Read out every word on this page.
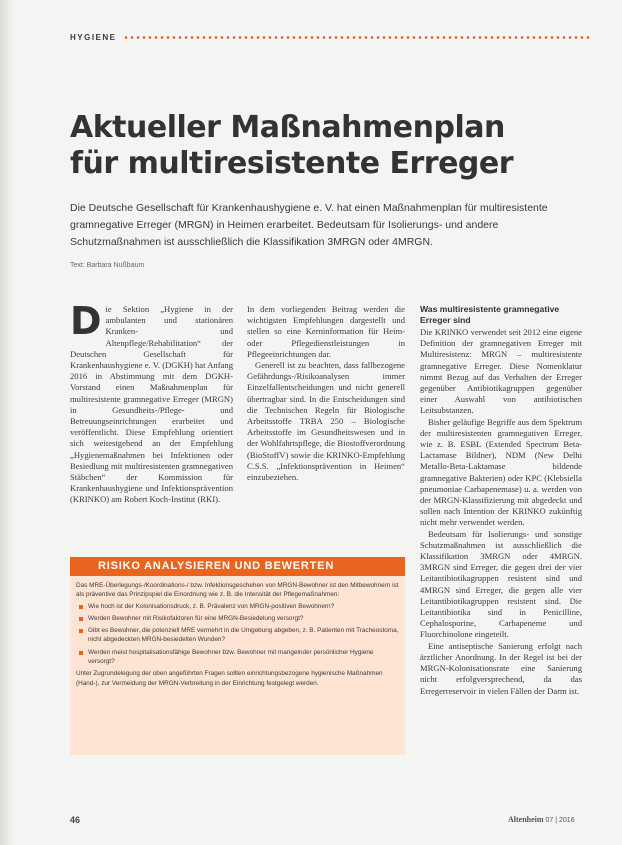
HYGIENE
Aktueller Maßnahmenplan
für multiresistente Erreger

Die Deutsche Gesellschaft für Krankenhaushygiene e. V. hat einen Maßnahmenplan für multiresistente gramnegative Erreger (MRGN) in Heimen erarbeitet. Bedeutsam für Isolierungs- und andere Schutzmaßnahmen ist ausschließlich die Klassifikation 3MRGN oder 4MRGN.

Text: Barbara Nußbaum

Die Sektion „Hygiene in der ambulanten und stationären Kranken- und Altenpflege/Rehabilitation“ der Deutschen Gesellschaft für Krankenhaushygiene e. V. (DGKH) hat Anfang 2016 in Abstimmung mit dem DGKH-Vorstand einen Maßnahmenplan für multiresistente gramnegative Erreger (MRGN) in Gesundheits-/Pflege- und Betreuungseinrichtungen erarbeitet und veröffentlicht. Diese Empfehlung orientiert sich weitestgehend an der Empfehlung „Hygienemaßnahmen bei Infektionen oder Besiedlung mit multiresistenten gramnegativen Stäbchen“ der Kommission für Krankenhaushygiene und Infektionsprävention (KRINKO) am Robert Koch-Institut (RKI).

In dem vorliegenden Beitrag werden die wichtigsten Empfehlungen dargestellt und stellen so eine Kerninformation für Heim- oder Pflegedienstleistungen in Pflegeeinrichtungen dar.

Generell ist zu beachten, dass fallbezogene Gefährdungs-/Risikoanalysen immer Einzelfallentscheidungen und nicht generell übertragbar sind. In die Entscheidungen sind die Technischen Regeln für Biologische Arbeitsstoffe TRBA 250 – Biologische Arbeitsstoffe im Gesundheitswesen und in der Wohlfahrtspflege, die Biostoffverordnung (BioStoffV) sowie die KRINKO-Empfehlung C.S.S. „Infektionsprävention in Heimen“ einzubeziehen.

Was multiresistente gramnegative Erreger sind

Die KRINKO verwendet seit 2012 eine eigene Definition der gramnegativen Erreger mit Multiresistenz: MRGN – multiresistente gramnegative Erreger. Diese Nomenklatur nimmt Bezug auf das Verhalten der Erreger gegenüber Antibiotikagruppen gegenüber einer Auswahl von antibiotischen Leitsubstanzen.

Bisher geläufige Begriffe aus dem Spektrum der multiresistenten gramnegativen Erreger, wie z. B. ESBL (Extended Spectrum Beta-Lactamase Bildner), NDM (New Delhi Metallo-Beta-Laktamase bildende gramnegative Bakterien) oder KPC (Klebsiella pneumoniae Carbapenemase) u. a. werden von der MRGN-Klassifizierung mit abgedeckt und sollen nach Intention der KRINKO zukünftig nicht mehr verwendet werden.

Bedeutsam für Isolierungs- und sonstige Schutzmaßnahmen ist ausschließlich die Klassifikation 3MRGN oder 4MRGN. 3MRGN sind Erreger, die gegen drei der vier Leitantibiotikagruppen resistent sind und 4MRGN sind Erreger, die gegen alle vier Leitantibiotikagruppen resistent sind. Die Leitantibiotika sind in Penicilline, Cephalosporine, Carbapeneme und Fluorchinolone eingeteilt.

Eine antiseptische Sanierung erfolgt nach ärztlicher Anordnung. In der Regel ist bei der MRGN-Kolonisationsrate eine Sanierung nicht erfolgversprechend, da das Erregerreservoir in vielen Fällen der Darm ist.

RISIKO ANALYSIEREN UND BEWERTEN

Das MRE-Überlegungs-/Koordinations-/ bzw. Infektionsgeschehen von MRGN-Bewohner ist den Mitbewohnern ist als präventive das Prinzipspiel die Einordnung wie z. B. die Intensität der Pflegemaßnahmen:

Wie hoch ist der Kolonisationsdruck, z. B. Prävalenz von MRGN-positiven Bewohnern?
Werden Bewohner mit Risikofaktoren für eine MRGN-Besiedelung versorgt?
Gibt es Bewohner, die potenziell MRE vermehrt in die Umgebung abgeben, z. B. Patienten mit Tracheostoma, nicht abgedeckten MRGN-besiedelten Wunden?
Werden meist hospitalisationsfähige Bewohner bzw. Bewohner mit mangelnder persönlicher Hygiene versorgt?

Unter Zugrundelegung der oben angeführten Fragen sollten einrichtungsbezogene hygienische Maßnahmen (Hand-), zur Vermeidung der MRGN-Verbreitung in der Einrichtung festgelegt werden.

46	Altenheim 07 | 2016
